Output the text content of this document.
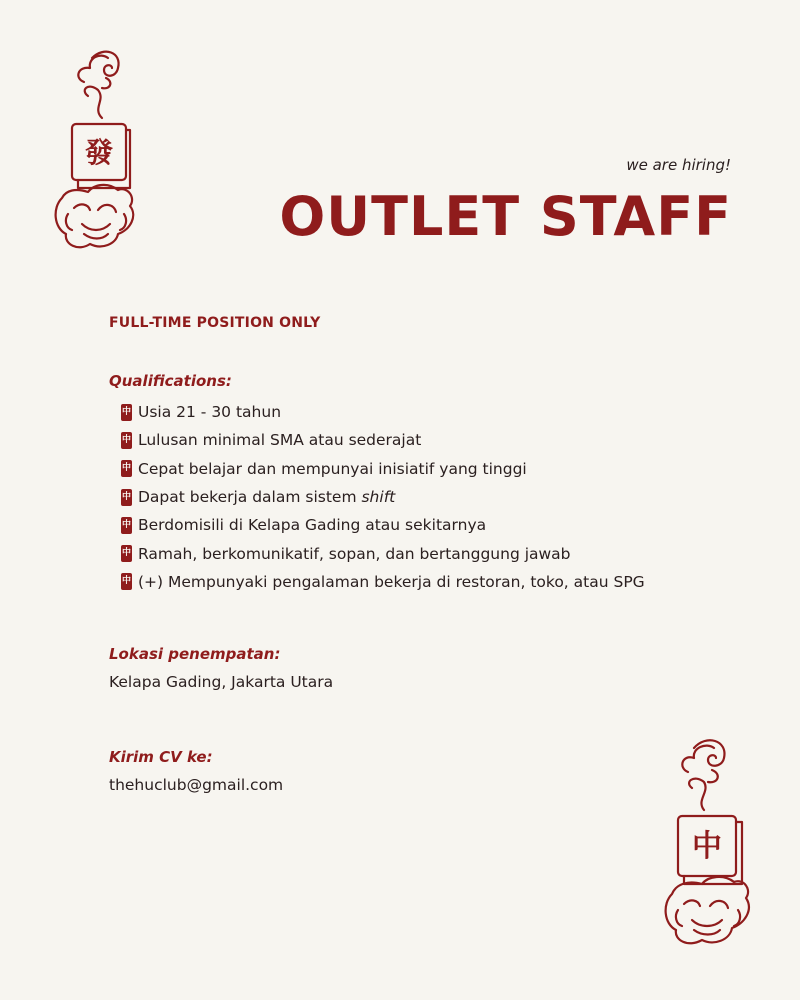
發	we are hiring!
OUTLET STAFF
FULL-TIME POSITION ONLY
Qualifications:
中 Usia 21 - 30 tahun
中 Lulusan minimal SMA atau sederajat
中 Cepat belajar dan mempunyai inisiatif yang tinggi
中 Dapat bekerja dalam sistem shift
中 Berdomisili di Kelapa Gading atau sekitarnya
中 Ramah, berkomunikatif, sopan, dan bertanggung jawab
中 (+) Mempunyaki pengalaman bekerja di restoran, toko, atau SPG
Lokasi penempatan:
Kelapa Gading, Jakarta Utara
Kirim CV ke:
thehuclub@gmail.com
中
